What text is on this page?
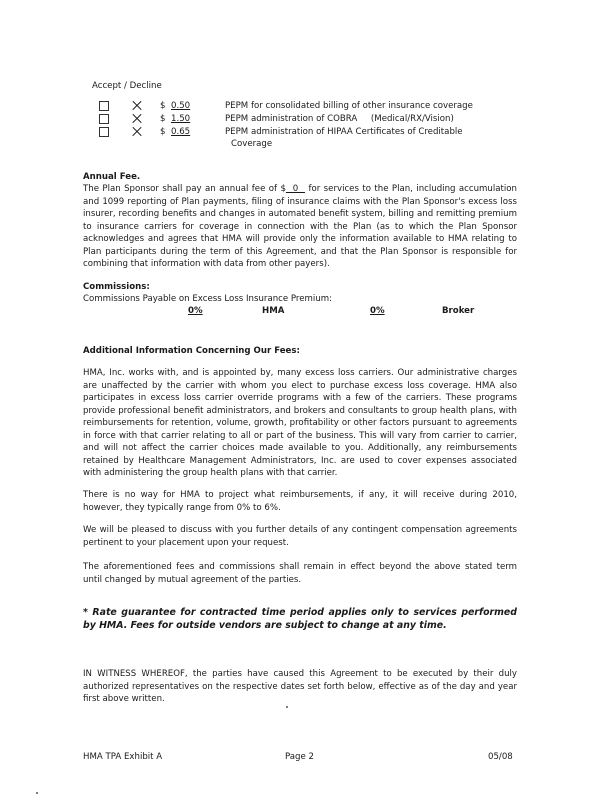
Accept / Decline
$ 0.50	PEPM for consolidated billing of other insurance coverage
$ 1.50	PEPM administration of COBRA     (Medical/RX/Vision)
$ 0.65	PEPM administration of HIPAA Certificates of Creditable
Coverage
Annual Fee.
The Plan Sponsor shall pay an annual fee of $  0   for services to the Plan, including accumulation and 1099 reporting of Plan payments, filing of insurance claims with the Plan Sponsor's excess loss insurer, recording benefits and changes in automated benefit system, billing and remitting premium to insurance carriers for coverage in connection with the Plan (as to which the Plan Sponsor acknowledges and agrees that HMA will provide only the information available to HMA relating to Plan participants during the term of this Agreement, and that the Plan Sponsor is responsible for combining that information with data from other payers).
Commissions:
Commissions Payable on Excess Loss Insurance Premium:
0%	HMA	0%	Broker
Additional Information Concerning Our Fees:
HMA, Inc. works with, and is appointed by, many excess loss carriers. Our administrative charges are unaffected by the carrier with whom you elect to purchase excess loss coverage. HMA also participates in excess loss carrier override programs with a few of the carriers. These programs provide professional benefit administrators, and brokers and consultants to group health plans, with reimbursements for retention, volume, growth, profitability or other factors pursuant to agreements in force with that carrier relating to all or part of the business. This will vary from carrier to carrier, and will not affect the carrier choices made available to you. Additionally, any reimbursements retained by Healthcare Management Administrators, Inc. are used to cover expenses associated with administering the group health plans with that carrier.
There is no way for HMA to project what reimbursements, if any, it will receive during 2010, however, they typically range from 0% to 6%.
We will be pleased to discuss with you further details of any contingent compensation agreements pertinent to your placement upon your request.
The aforementioned fees and commissions shall remain in effect beyond the above stated term until changed by mutual agreement of the parties.
* Rate guarantee for contracted time period applies only to services performed by HMA. Fees for outside vendors are subject to change at any time.
IN WITNESS WHEREOF, the parties have caused this Agreement to be executed by their duly authorized representatives on the respective dates set forth below, effective as of the day and year first above written.
HMA TPA Exhibit A	Page 2	05/08
